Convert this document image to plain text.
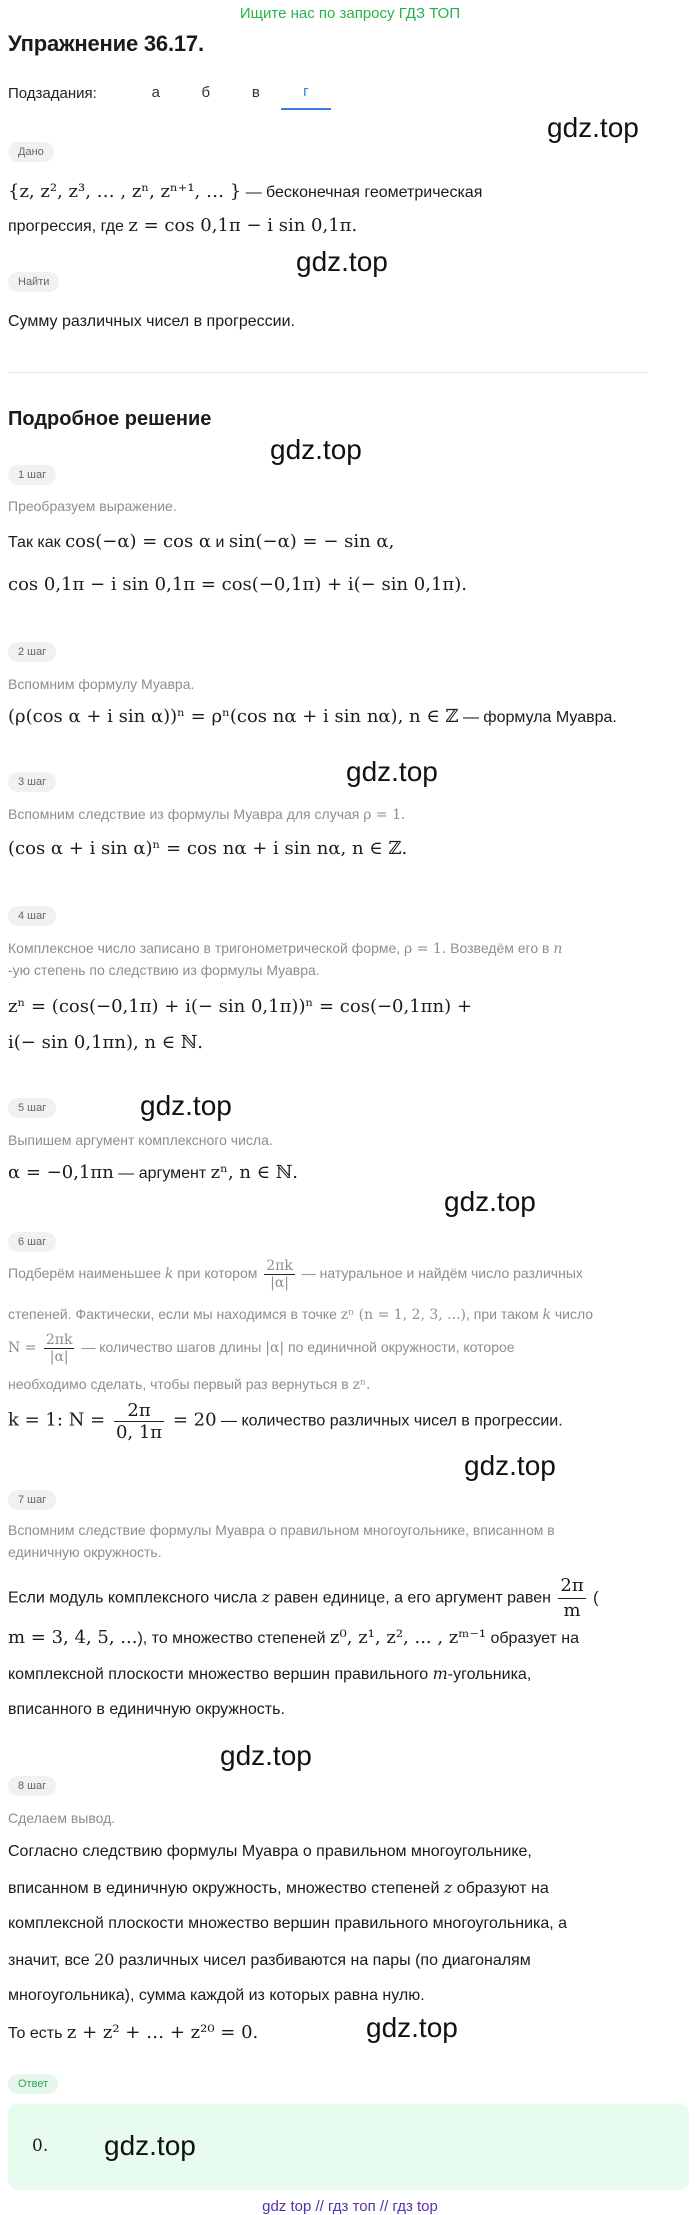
Ищите нас по запросу ГДЗ ТОП
Упражнение 36.17.
Подзадания:	а	б	в	г
Дано
{z, z², z³, … , zⁿ, zⁿ⁺¹, … } — бесконечная геометрическая
прогрессия, где z = cos 0,1π − i sin 0,1π.
Найти
Сумму различных чисел в прогрессии.
Подробное решение
1 шаг
Преобразуем выражение.
Так как cos(−α) = cos α и sin(−α) = − sin α,
cos 0,1π − i sin 0,1π = cos(−0,1π) + i(− sin 0,1π).
2 шаг
Вспомним формулу Муавра.
(ρ(cos α + i sin α))ⁿ = ρⁿ(cos nα + i sin nα), n ∈ ℤ — формула Муавра.
3 шаг
Вспомним следствие из формулы Муавра для случая ρ = 1.
(cos α + i sin α)ⁿ = cos nα + i sin nα, n ∈ ℤ.
4 шаг
Комплексное число записано в тригонометрической форме, ρ = 1. Возведём его в n
-ую степень по следствию из формулы Муавра.
zⁿ = (cos(−0,1π) + i(− sin 0,1π))ⁿ = cos(−0,1πn) +
i(− sin 0,1πn), n ∈ ℕ.
5 шаг
Выпишем аргумент комплексного числа.
α = −0,1πn — аргумент zⁿ, n ∈ ℕ.
6 шаг
Подберём наименьшее k при котором $\frac{2\pi k}{|\alpha|}$ — натуральное и найдём число различных
степеней. Фактически, если мы находимся в точке zⁿ (n = 1, 2, 3, ...), при таком k число
$N = \frac{2\pi k}{|\alpha|}$ — количество шагов длины |α| по единичной окружности, которое
необходимо сделать, чтобы первый раз вернуться в zⁿ.
k = 1: $N = \frac{2\pi}{0, 1\pi} = 20$ — количество различных чисел в прогрессии.
7 шаг
Вспомним следствие формулы Муавра о правильном многоугольнике, вписанном в
единичную окружность.
Если модуль комплексного числа z равен единице, а его аргумент равен $\frac{2\pi}{m}$ (
m = 3, 4, 5, ...), то множество степеней z⁰, z¹, z², ... , zᵐ⁻¹ образует на
комплексной плоскости множество вершин правильного m-угольника,
вписанного в единичную окружность.
8 шаг
Сделаем вывод.
Согласно следствию формулы Муавра о правильном многоугольнике,
вписанном в единичную окружность, множество степеней z образуют на
комплексной плоскости множество вершин правильного многоугольника, а
значит, все 20 различных чисел разбиваются на пары (по диагоналям
многоугольника), сумма каждой из которых равна нулю.
То есть z + z² + … + z²⁰ = 0.
Ответ
0.
gdz.top
gdz.top
gdz.top
gdz.top
gdz.top
gdz.top
gdz.top
gdz.top
gdz.top
gdz.top
gdz top // гдз топ // гдз top
